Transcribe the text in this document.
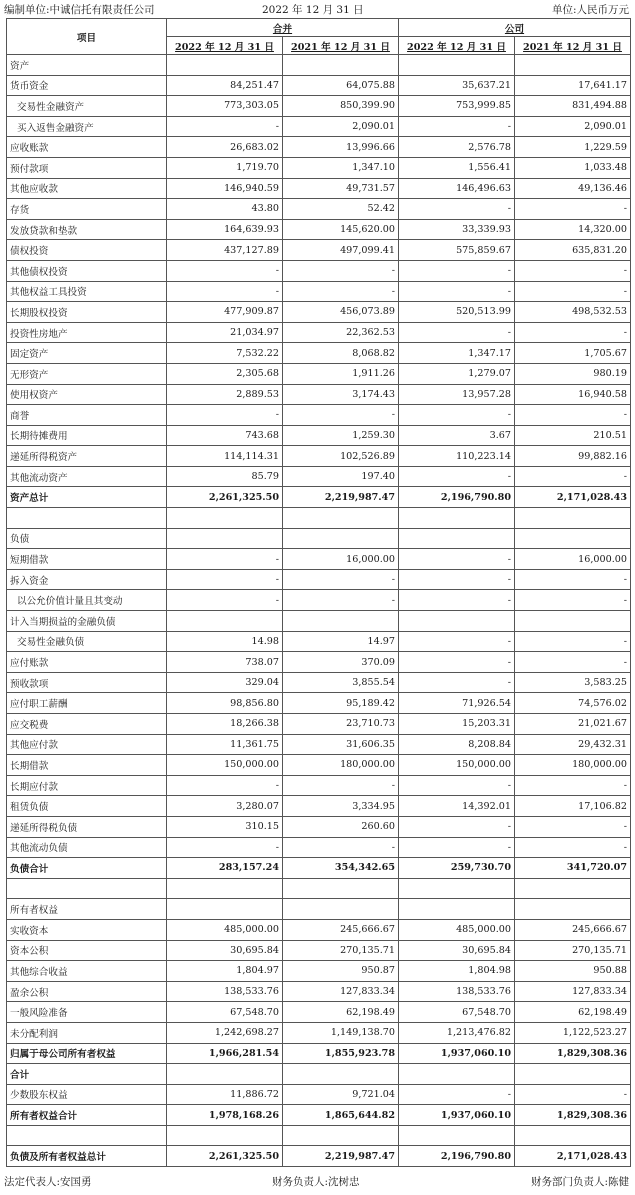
编制单位:中诚信托有限责任公司	2022 年 12 月 31 日	单位:人民币万元
项目	合并		公司	
	2022 年 12 月 31 日	2021 年 12 月 31 日	2022 年 12 月 31 日	2021 年 12 月 31 日
资产				
货币资金	84,251.47	64,075.88	35,637.21	17,641.17
交易性金融资产	773,303.05	850,399.90	753,999.85	831,494.88
买入返售金融资产	-	2,090.01	-	2,090.01
应收账款	26,683.02	13,996.66	2,576.78	1,229.59
预付款项	1,719.70	1,347.10	1,556.41	1,033.48
其他应收款	146,940.59	49,731.57	146,496.63	49,136.46
存货	43.80	52.42	-	-
发放贷款和垫款	164,639.93	145,620.00	33,339.93	14,320.00
债权投资	437,127.89	497,099.41	575,859.67	635,831.20
其他债权投资	-	-	-	-
其他权益工具投资	-	-	-	-
长期股权投资	477,909.87	456,073.89	520,513.99	498,532.53
投资性房地产	21,034.97	22,362.53	-	-
固定资产	7,532.22	8,068.82	1,347.17	1,705.67
无形资产	2,305.68	1,911.26	1,279.07	980.19
使用权资产	2,889.53	3,174.43	13,957.28	16,940.58
商誉	-	-	-	-
长期待摊费用	743.68	1,259.30	3.67	210.51
递延所得税资产	114,114.31	102,526.89	110,223.14	99,882.16
其他流动资产	85.79	197.40	-	-
资产总计	2,261,325.50	2,219,987.47	2,196,790.80	2,171,028.43

负债				
短期借款	-	16,000.00	-	16,000.00
拆入资金	-	-	-	-
以公允价值计量且其变动	-	-	-	-
计入当期损益的金融负债				
交易性金融负债	14.98	14.97	-	-
应付账款	738.07	370.09	-	-
预收款项	329.04	3,855.54	-	3,583.25
应付职工薪酬	98,856.80	95,189.42	71,926.54	74,576.02
应交税费	18,266.38	23,710.73	15,203.31	21,021.67
其他应付款	11,361.75	31,606.35	8,208.84	29,432.31
长期借款	150,000.00	180,000.00	150,000.00	180,000.00
长期应付款	-	-	-	-
租赁负债	3,280.07	3,334.95	14,392.01	17,106.82
递延所得税负债	310.15	260.60	-	-
其他流动负债	-	-	-	-
负债合计	283,157.24	354,342.65	259,730.70	341,720.07

所有者权益				
实收资本	485,000.00	245,666.67	485,000.00	245,666.67
资本公积	30,695.84	270,135.71	30,695.84	270,135.71
其他综合收益	1,804.97	950.87	1,804.98	950.88
盈余公积	138,533.76	127,833.34	138,533.76	127,833.34
一般风险准备	67,548.70	62,198.49	67,548.70	62,198.49
未分配利润	1,242,698.27	1,149,138.70	1,213,476.82	1,122,523.27
归属于母公司所有者权益	1,966,281.54	1,855,923.78	1,937,060.10	1,829,308.36
合计				
少数股东权益	11,886.72	9,721.04	-	-
所有者权益合计	1,978,168.26	1,865,644.82	1,937,060.10	1,829,308.36

负债及所有者权益总计	2,261,325.50	2,219,987.47	2,196,790.80	2,171,028.43
法定代表人:安国勇	财务负责人:沈树忠	财务部门负责人:陈健
